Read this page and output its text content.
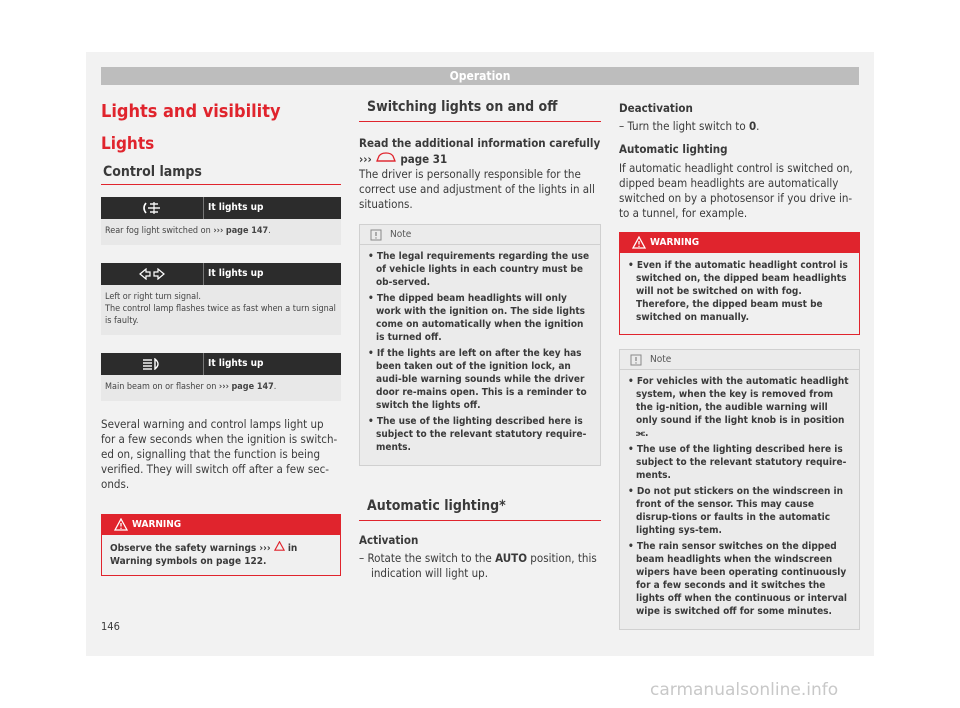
Operation
Lights and visibility
Lights
Control lamps
It lights up
Rear fog light switched on ››› page 147.
It lights up
Left or right turn signal.
The control lamp flashes twice as fast when a turn signal is faulty.
It lights up
Main beam on or flasher on ››› page 147.

Several warning and control lamps light up for a few seconds when the ignition is switch-ed on, signalling that the function is being verified. They will switch off after a few sec-onds.

WARNING
Observe the safety warnings ››› in Warning symbols on page 122.
Switching lights on and off
Read the additional information carefully
››› page 31

The driver is personally responsible for the correct use and adjustment of the lights in all situations.

Note
• The legal requirements regarding the use of vehicle lights in each country must be ob-served.
• The dipped beam headlights will only work with the ignition on. The side lights come on automatically when the ignition is turned off.
• If the lights are left on after the key has been taken out of the ignition lock, an audi-ble warning sounds while the driver door re-mains open. This is a reminder to switch the lights off.
• The use of the lighting described here is subject to the relevant statutory require-ments.
Automatic lighting*
Activation

– Rotate the switch to the AUTO position, this indication will light up.

Deactivation

– Turn the light switch to 0.

Automatic lighting

If automatic headlight control is switched on, dipped beam headlights are automatically switched on by a photosensor if you drive in-to a tunnel, for example.

WARNING
• Even if the automatic headlight control is switched on, the dipped beam headlights will not be switched on with fog. Therefore, the dipped beam must be switched on manually.
Note
• For vehicles with the automatic headlight system, when the key is removed from the ig-nition, the audible warning will only sound if the light knob is in position ⫘.
• The use of the lighting described here is subject to the relevant statutory require-ments.
• Do not put stickers on the windscreen in front of the sensor. This may cause disrup-tions or faults in the automatic lighting sys-tem.
• The rain sensor switches on the dipped beam headlights when the windscreen wipers have been operating continuously for a few seconds and it switches the lights off when the continuous or interval wipe is switched off for some minutes.
146
carmanualsonline.info
